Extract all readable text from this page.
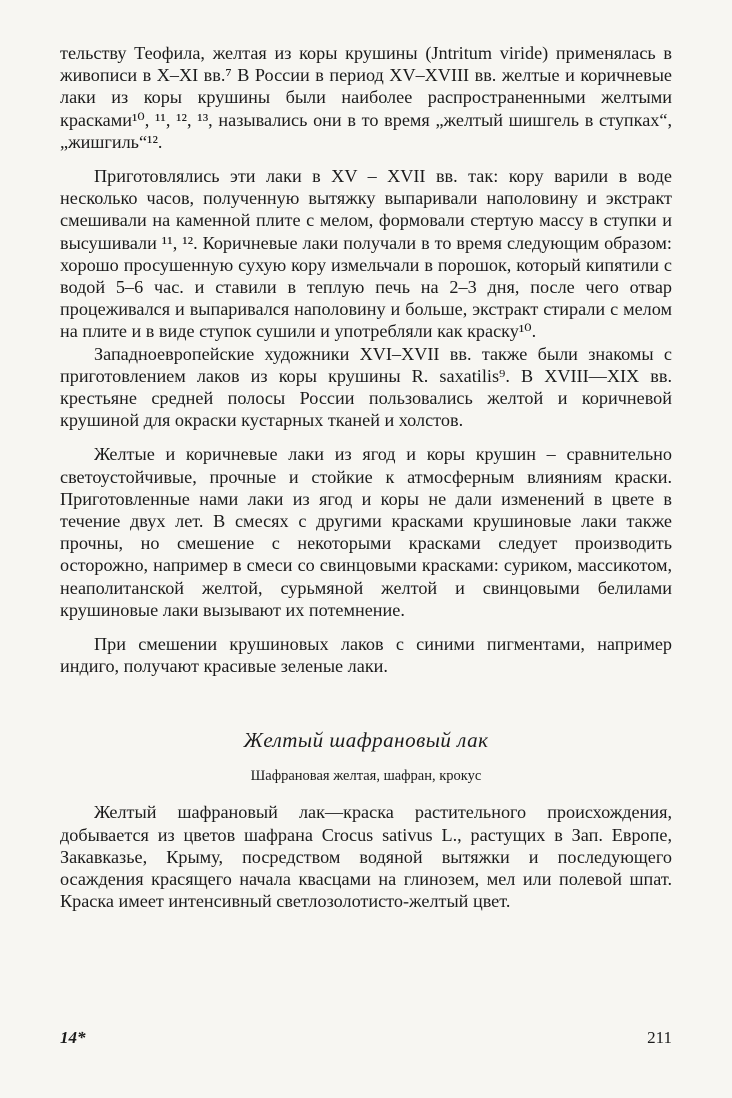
тельству Теофила, желтая из коры крушины (Jntritum viride) применялась в живописи в X–XI вв.⁷ В России в период XV–XVIII вв. желтые и коричневые лаки из коры крушины были наиболее распространенными желтыми красками¹⁰, ¹¹, ¹², ¹³, назывались они в то время „желтый шишгель в ступках“, „жишгиль“¹².

Приготовлялись эти лаки в XV – XVII вв. так: кору варили в воде несколько часов, полученную вытяжку выпаривали наполовину и экстракт смешивали на каменной плите с мелом, формовали стертую массу в ступки и высушивали ¹¹, ¹². Коричневые лаки получали в то время следующим образом: хорошо просушенную сухую кору измельчали в порошок, который кипятили с водой 5–6 час. и ставили в теплую печь на 2–3 дня, после чего отвар процеживался и выпаривался наполовину и больше, экстракт стирали с мелом на плите и в виде ступок сушили и употребляли как краску¹⁰.

Западноевропейские художники XVI–XVII вв. также были знакомы с приготовлением лаков из коры крушины R. saxatilis⁹. В XVIII—XIX вв. крестьяне средней полосы России пользовались желтой и коричневой крушиной для окраски кустарных тканей и холстов.

Желтые и коричневые лаки из ягод и коры крушин – сравнительно светоустойчивые, прочные и стойкие к атмосферным влияниям краски. Приготовленные нами лаки из ягод и коры не дали изменений в цвете в течение двух лет. В смесях с другими красками крушиновые лаки также прочны, но смешение с некоторыми красками следует производить осторожно, например в смеси со свинцовыми красками: суриком, массикотом, неаполитанской желтой, сурьмяной желтой и свинцовыми белилами крушиновые лаки вызывают их потемнение.

При смешении крушиновых лаков с синими пигментами, например индиго, получают красивые зеленые лаки.

Желтый шафрановый лак
Шафрановая желтая, шафран, крокус

Желтый шафрановый лак—краска растительного происхождения, добывается из цветов шафрана Crocus sativus L., растущих в Зап. Европе, Закавказье, Крыму, посредством водяной вытяжки и последующего осаждения красящего начала квасцами на глинозем, мел или полевой шпат. Краска имеет интенсивный светлозолотисто-желтый цвет.

14*	211
